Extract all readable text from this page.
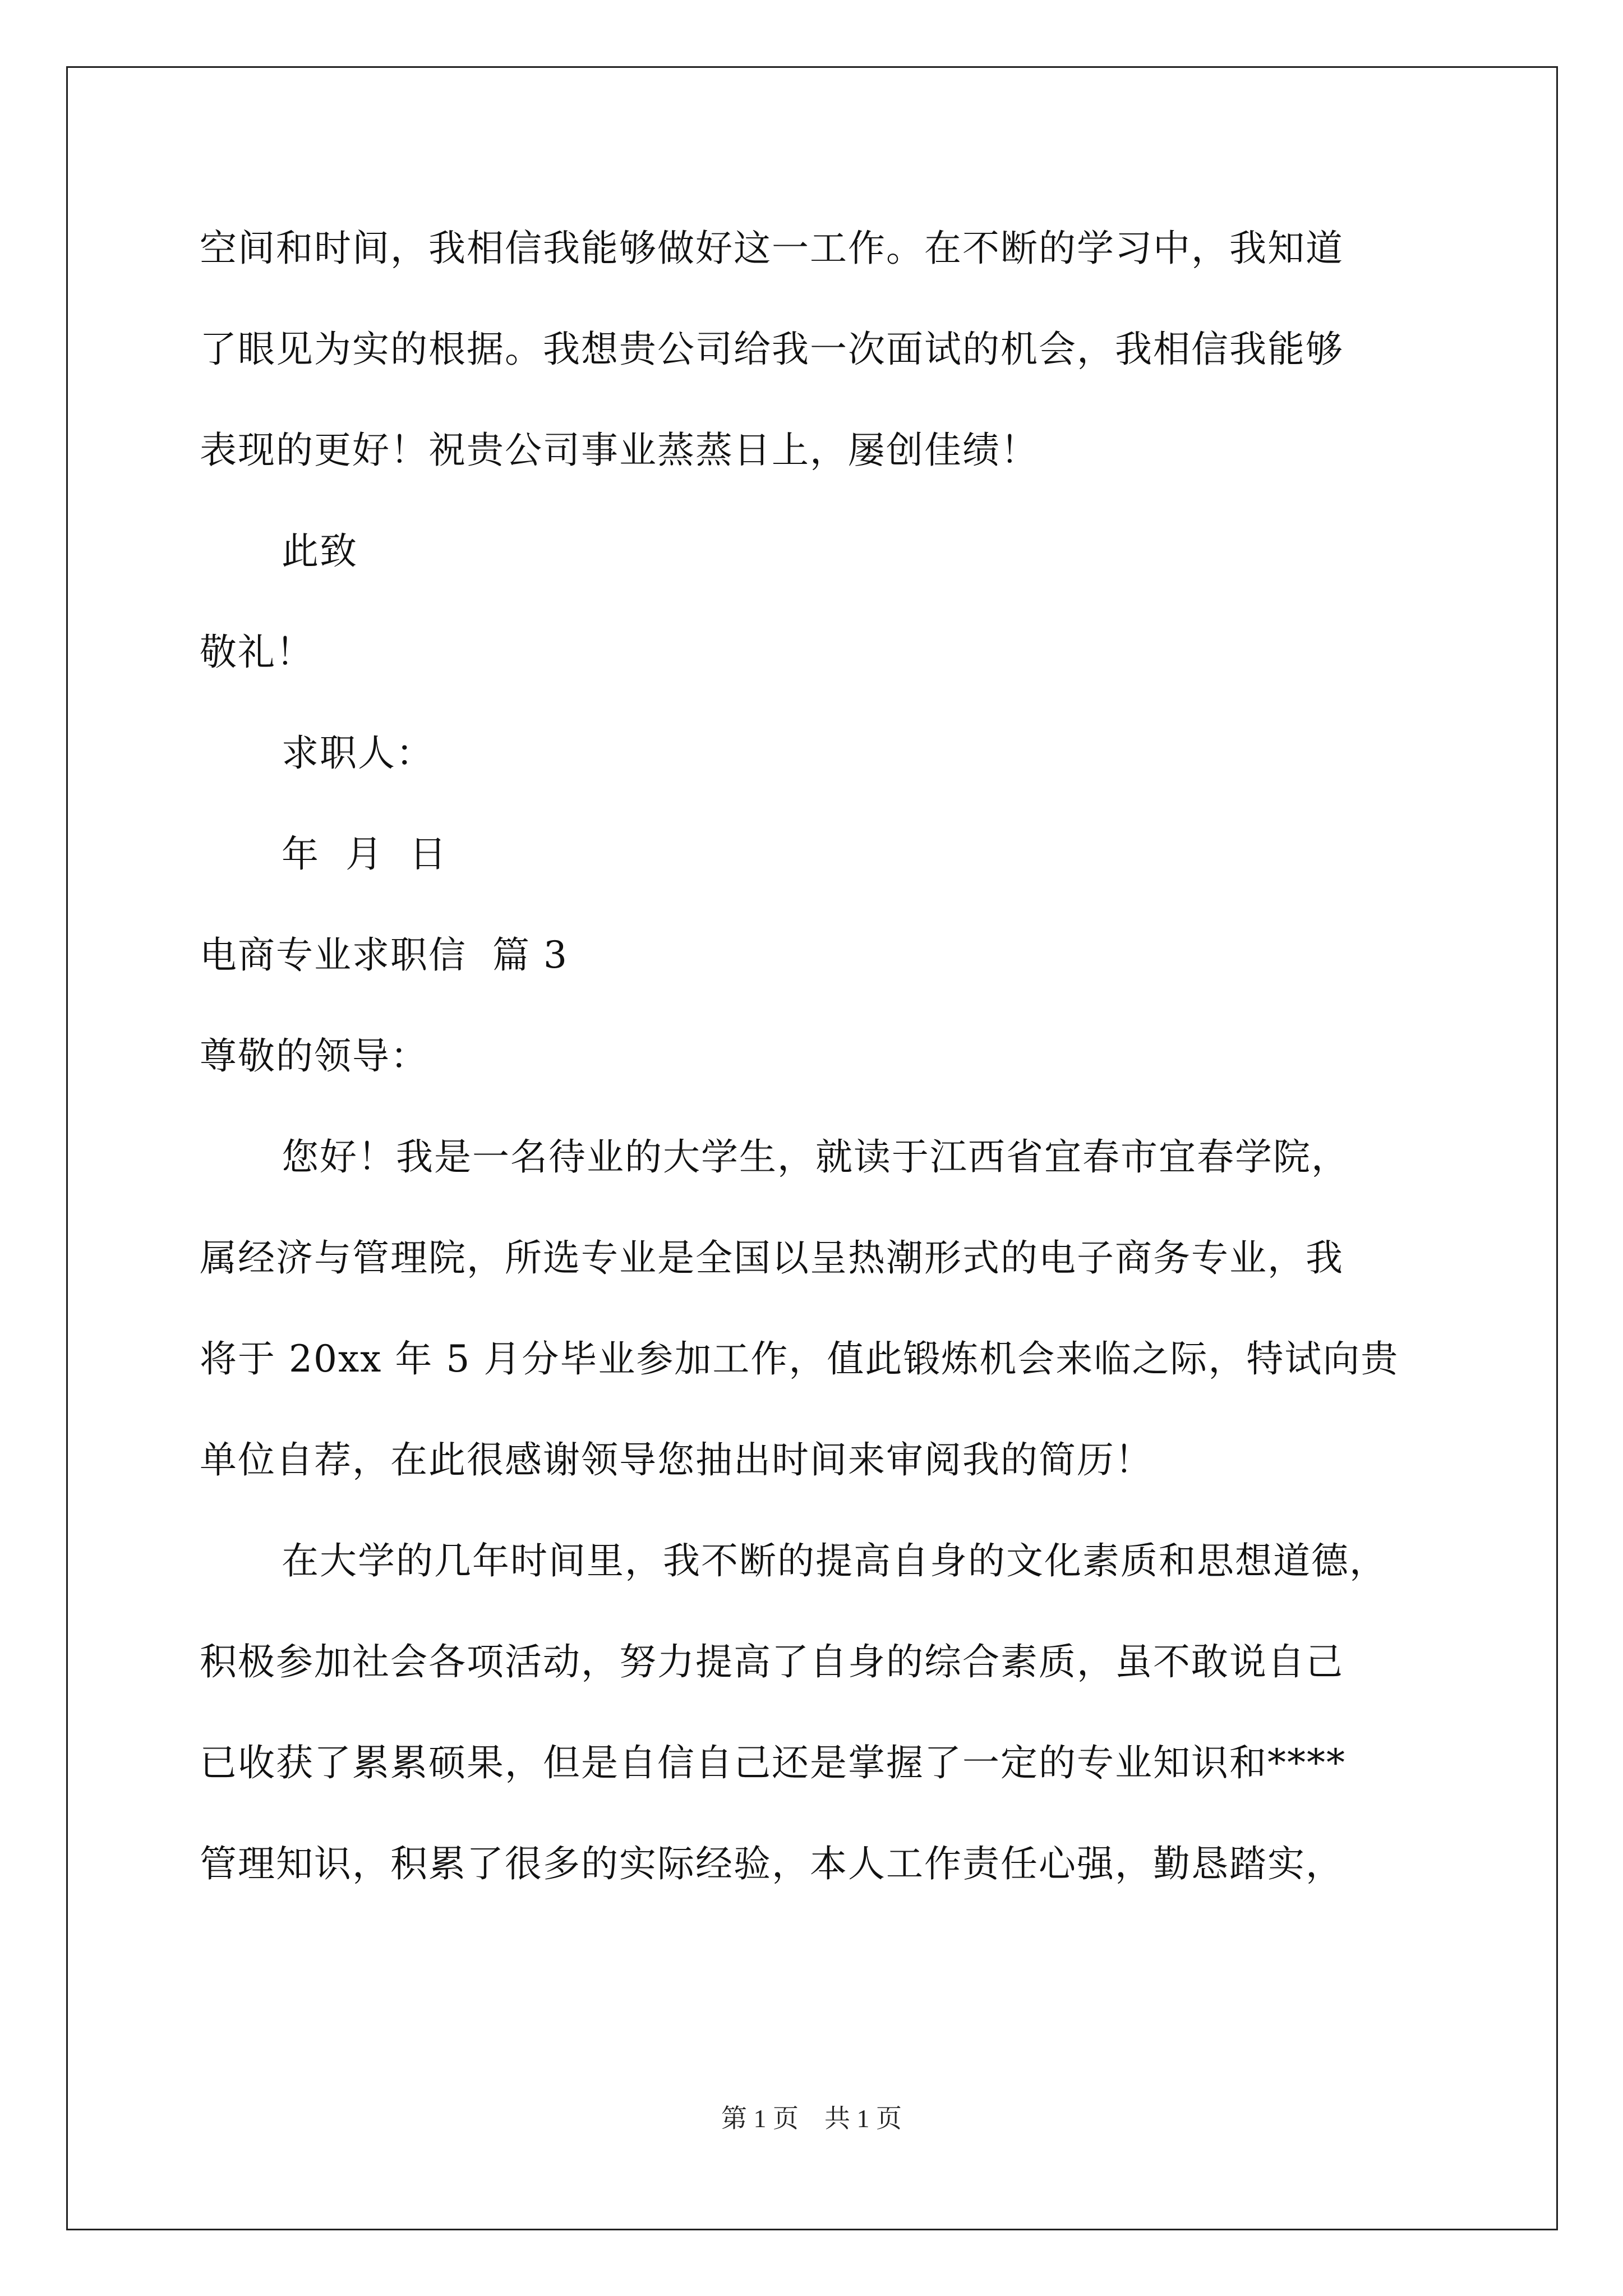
空间和时间，我相信我能够做好这一工作。在不断的学习中，我知道
了眼见为实的根据。我想贵公司给我一次面试的机会，我相信我能够
表现的更好！祝贵公司事业蒸蒸日上，屡创佳绩！
此致
敬礼！
求职人：
年  月  日
电商专业求职信  篇 3
尊敬的领导：
您好！我是一名待业的大学生，就读于江西省宜春市宜春学院，
属经济与管理院，所选专业是全国以呈热潮形式的电子商务专业，我
将于 20xx 年 5 月分毕业参加工作，值此锻炼机会来临之际，特试向贵
单位自荐，在此很感谢领导您抽出时间来审阅我的简历！
在大学的几年时间里，我不断的提高自身的文化素质和思想道德，
积极参加社会各项活动，努力提高了自身的综合素质，虽不敢说自己
已收获了累累硕果，但是自信自己还是掌握了一定的专业知识和****
管理知识，积累了很多的实际经验，本人工作责任心强，勤恳踏实，
第 1 页    共 1 页
